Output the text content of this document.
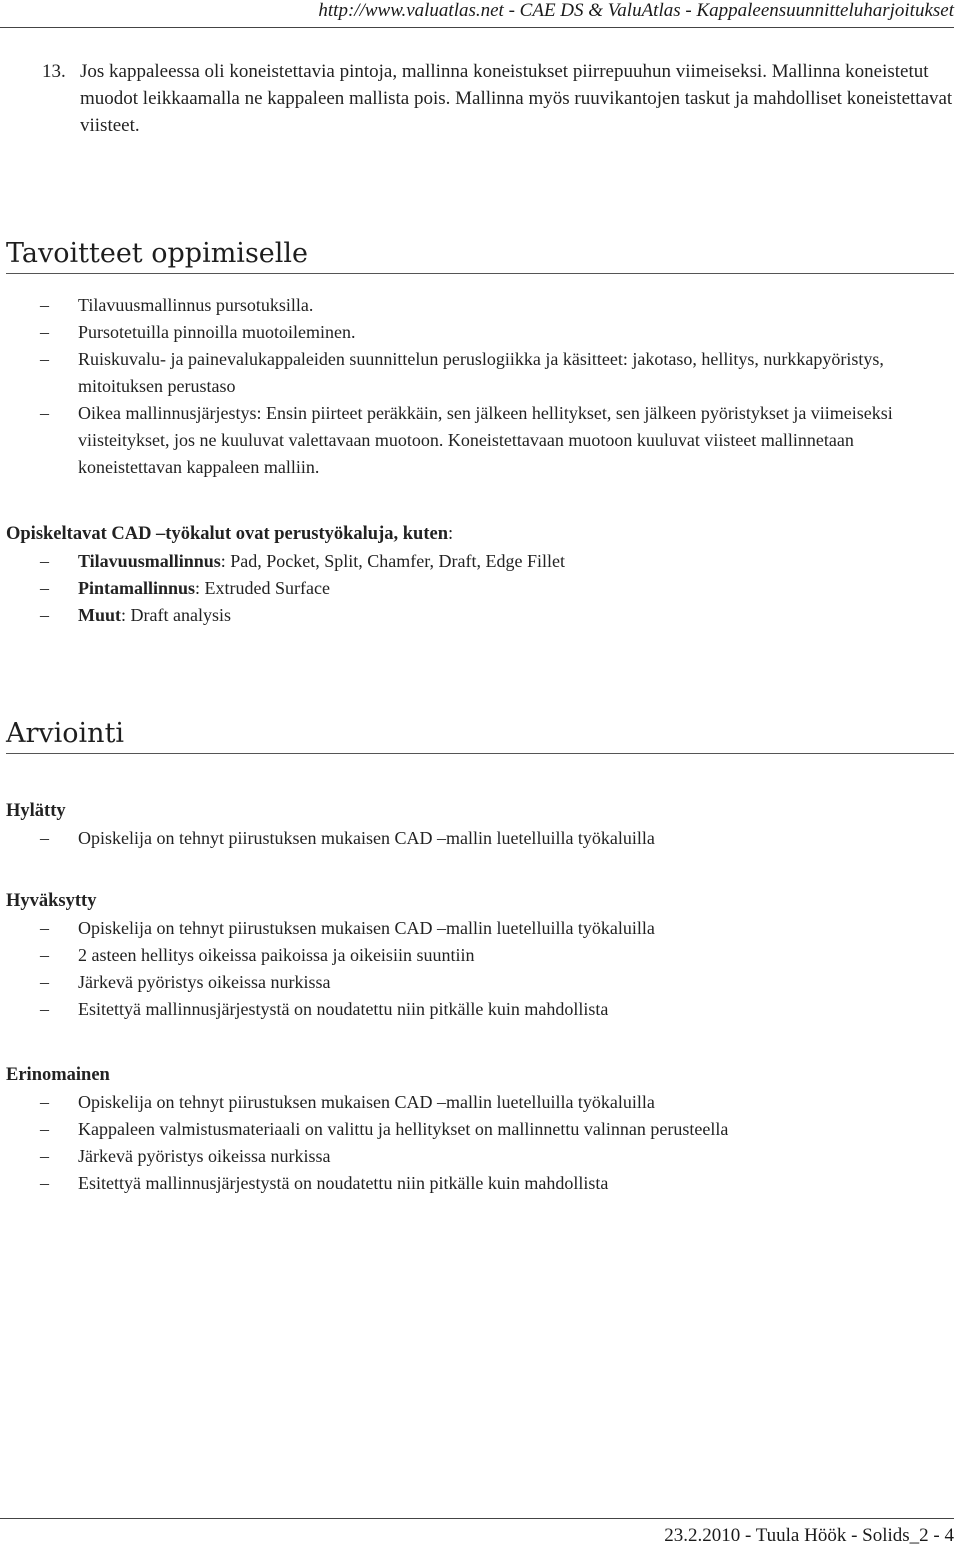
http://www.valuatlas.net - CAE DS & ValuAtlas - Kappaleensuunnitteluharjoitukset
13. Jos kappaleessa oli koneistettavia pintoja, mallinna koneistukset piirrepuuhun viimeiseksi. Mallinna koneistetut muodot leikkaamalla ne kappaleen mallista pois. Mallinna myös ruuvikantojen taskut ja mahdolliset koneistettavat viisteet.
Tavoitteet oppimiselle
– Tilavuusmallinnus pursotuksilla.
– Pursotetuilla pinnoilla muotoileminen.
– Ruiskuvalu- ja painevalukappaleiden suunnittelun peruslogiikka ja käsitteet: jakotaso, hellitys, nurkkapyöristys, mitoituksen perustaso
– Oikea mallinnusjärjestys: Ensin piirteet peräkkäin, sen jälkeen hellitykset, sen jälkeen pyöristykset ja viimeiseksi viisteitykset, jos ne kuuluvat valettavaan muotoon. Koneistettavaan muotoon kuuluvat viisteet mallinnetaan koneistettavan kappaleen malliin.
Opiskeltavat CAD –työkalut ovat perustyökaluja, kuten:
– Tilavuusmallinnus: Pad, Pocket, Split, Chamfer, Draft, Edge Fillet
– Pintamallinnus: Extruded Surface
– Muut: Draft analysis
Arviointi
Hylätty
– Opiskelija on tehnyt piirustuksen mukaisen CAD –mallin luetelluilla työkaluilla
Hyväksytty
– Opiskelija on tehnyt piirustuksen mukaisen CAD –mallin luetelluilla työkaluilla
– 2 asteen hellitys oikeissa paikoissa ja oikeisiin suuntiin
– Järkevä pyöristys oikeissa nurkissa
– Esitettyä mallinnusjärjestystä on noudatettu niin pitkälle kuin mahdollista
Erinomainen
– Opiskelija on tehnyt piirustuksen mukaisen CAD –mallin luetelluilla työkaluilla
– Kappaleen valmistusmateriaali on valittu ja hellitykset on mallinnettu valinnan perusteella
– Järkevä pyöristys oikeissa nurkissa
– Esitettyä mallinnusjärjestystä on noudatettu niin pitkälle kuin mahdollista
23.2.2010 - Tuula Höök - Solids_2 - 4
